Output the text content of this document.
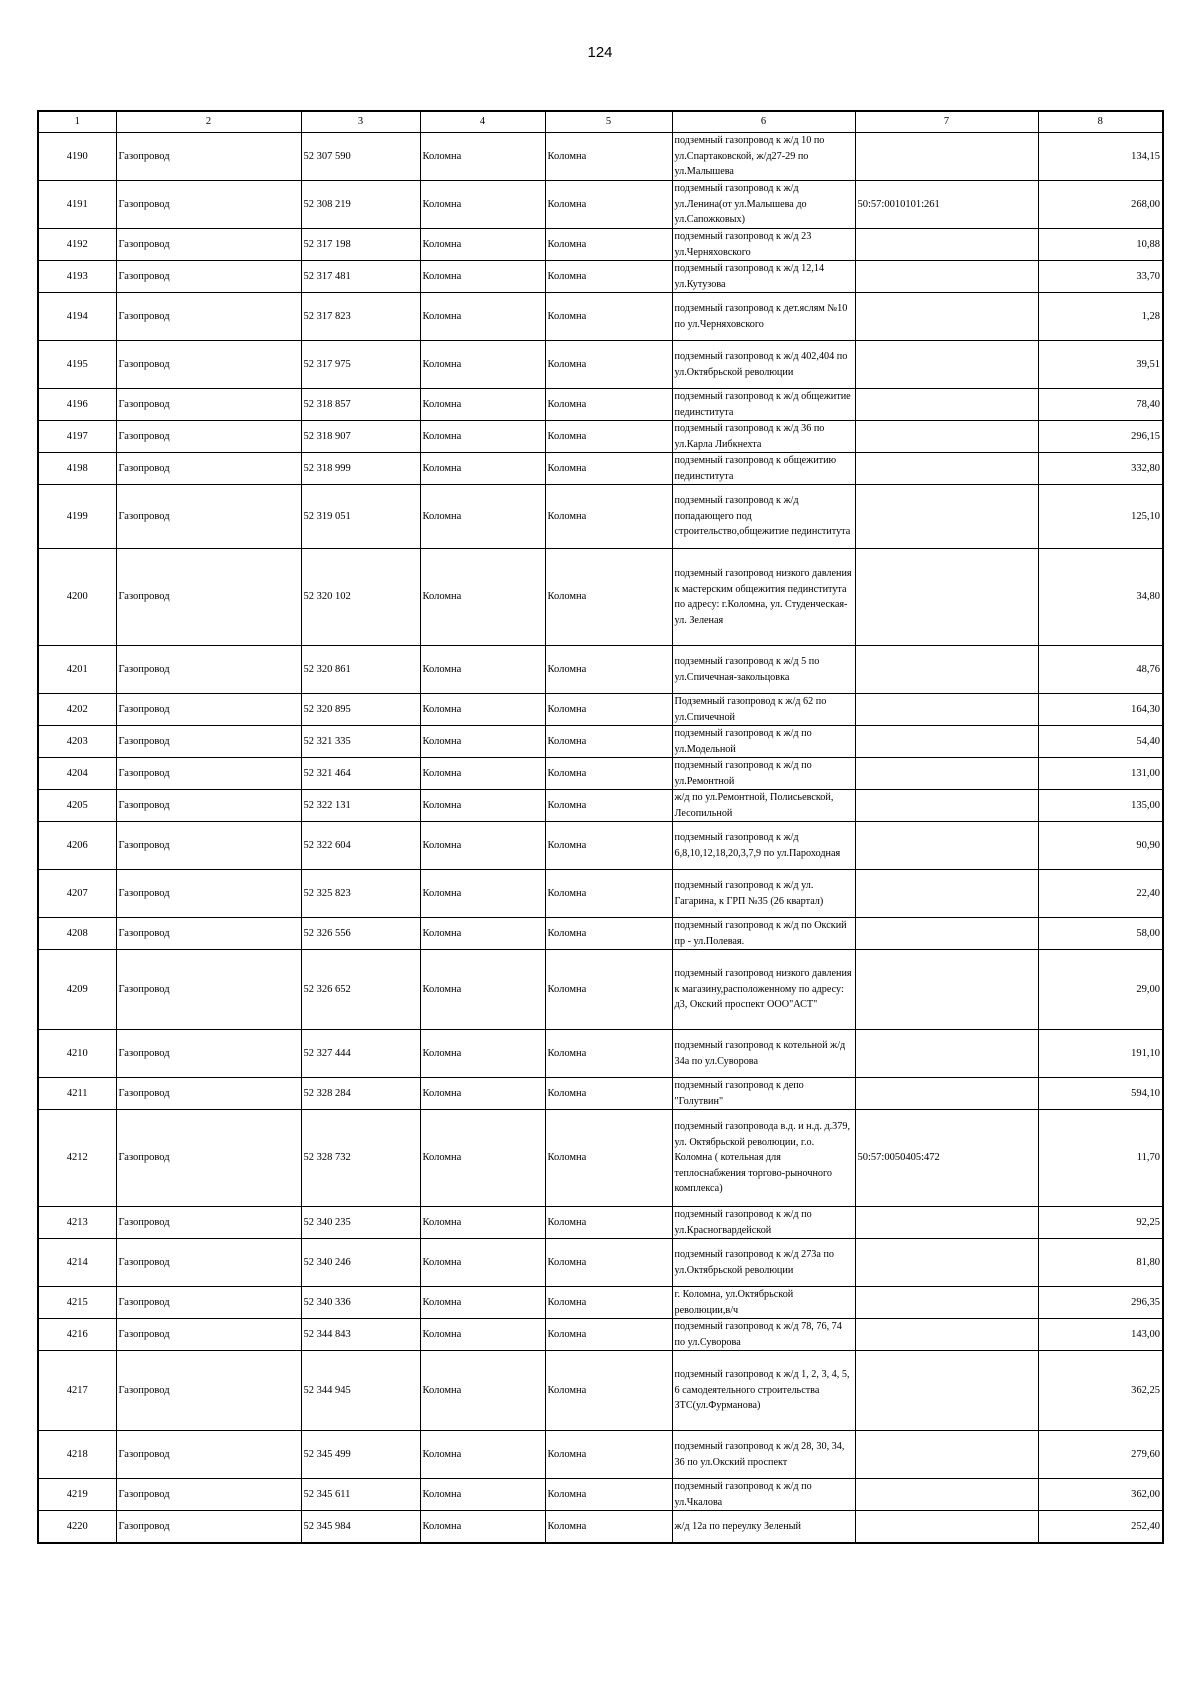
124
1	2	3	4	5	6	7	8
4190	Газопровод	52 307 590	Коломна	Коломна	подземный газопровод к ж/д 10 по ул.Спартаковской, ж/д27-29 по ул.Малышева		134,15
4191	Газопровод	52 308 219	Коломна	Коломна	подземный газопровод к ж/д ул.Ленина(от ул.Малышева до ул.Сапожковых)	50:57:0010101:261	268,00
4192	Газопровод	52 317 198	Коломна	Коломна	подземный газопровод к ж/д 23 ул.Черняховского		10,88
4193	Газопровод	52 317 481	Коломна	Коломна	подземный газопровод к ж/д 12,14 ул.Кутузова		33,70
4194	Газопровод	52 317 823	Коломна	Коломна	подземный газопровод к дет.яслям №10 по ул.Черняховского		1,28
4195	Газопровод	52 317 975	Коломна	Коломна	подземный газопровод к ж/д 402,404 по ул.Октябрьской революции		39,51
4196	Газопровод	52 318 857	Коломна	Коломна	подземный газопровод к ж/д общежитие пединститута		78,40
4197	Газопровод	52 318 907	Коломна	Коломна	подземный газопровод к ж/д 36 по ул.Карла Либкнехта		296,15
4198	Газопровод	52 318 999	Коломна	Коломна	подземный газопровод к общежитию пединститута		332,80
4199	Газопровод	52 319 051	Коломна	Коломна	подземный газопровод к ж/д попадающего под строительство,общежитие пединститута		125,10
4200	Газопровод	52 320 102	Коломна	Коломна	подземный газопровод низкого давления к мастерским общежития пединститута по адресу: г.Коломна, ул. Студенческая-ул. Зеленая		34,80
4201	Газопровод	52 320 861	Коломна	Коломна	подземный газопровод к ж/д 5 по ул.Спичечная-закольцовка		48,76
4202	Газопровод	52 320 895	Коломна	Коломна	Подземный газопровод к ж/д 62 по ул.Спичечной		164,30
4203	Газопровод	52 321 335	Коломна	Коломна	подземный газопровод к ж/д по ул.Модельной		54,40
4204	Газопровод	52 321 464	Коломна	Коломна	подземный газопровод к ж/д по ул.Ремонтной		131,00
4205	Газопровод	52 322 131	Коломна	Коломна	ж/д по ул.Ремонтной, Полисьевской, Лесопильной		135,00
4206	Газопровод	52 322 604	Коломна	Коломна	подземный газопровод к ж/д 6,8,10,12,18,20,3,7,9 по ул.Пароходная		90,90
4207	Газопровод	52 325 823	Коломна	Коломна	подземный газопровод к ж/д ул. Гагарина, к ГРП №35 (26 квартал)		22,40
4208	Газопровод	52 326 556	Коломна	Коломна	подземный газопровод к ж/д по Окский пр - ул.Полевая.		58,00
4209	Газопровод	52 326 652	Коломна	Коломна	подземный газопровод низкого давления к магазину,расположенному по адресу: д3, Окский проспект ООО"АСТ"		29,00
4210	Газопровод	52 327 444	Коломна	Коломна	подземный газопровод к котельной ж/д 34а по ул.Суворова		191,10
4211	Газопровод	52 328 284	Коломна	Коломна	подземный газопровод к депо "Голутвин"		594,10
4212	Газопровод	52 328 732	Коломна	Коломна	подземный газопровода в.д. и н.д. д.379, ул. Октябрьской революции, г.о. Коломна ( котельная для теплоснабжения торгово-рыночного комплекса)	50:57:0050405:472	11,70
4213	Газопровод	52 340 235	Коломна	Коломна	подземный газопровод к ж/д по ул.Красногвардейской		92,25
4214	Газопровод	52 340 246	Коломна	Коломна	подземный газопровод к ж/д 273а по ул.Октябрьской революции		81,80
4215	Газопровод	52 340 336	Коломна	Коломна	г. Коломна, ул.Октябрьской революции,в/ч		296,35
4216	Газопровод	52 344 843	Коломна	Коломна	подземный газопровод к ж/д 78, 76, 74 по ул.Суворова		143,00
4217	Газопровод	52 344 945	Коломна	Коломна	подземный газопровод к ж/д 1, 2, 3, 4, 5, 6 самодеятельного строительства ЗТС(ул.Фурманова)		362,25
4218	Газопровод	52 345 499	Коломна	Коломна	подземный газопровод к ж/д 28, 30, 34, 36 по ул.Окский проспект		279,60
4219	Газопровод	52 345 611	Коломна	Коломна	подземный газопровод к ж/д по ул.Чкалова		362,00
4220	Газопровод	52 345 984	Коломна	Коломна	ж/д 12а по переулку Зеленый		252,40
